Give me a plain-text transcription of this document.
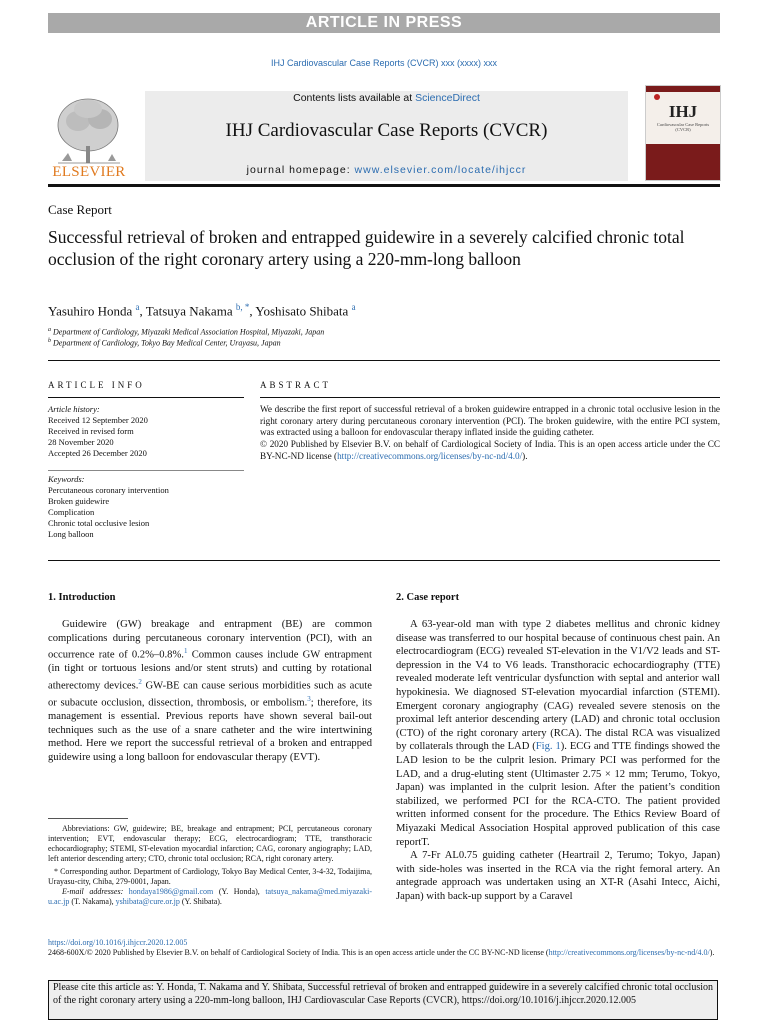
ARTICLE IN PRESS
IHJ Cardiovascular Case Reports (CVCR) xxx (xxxx) xxx
ELSEVIER
Contents lists available at ScienceDirect
IHJ Cardiovascular Case Reports (CVCR)
journal homepage: www.elsevier.com/locate/ihjccr
IHJ
Cardiovascular Case Reports (CVCR)
Case Report
Successful retrieval of broken and entrapped guidewire in a severely calcified chronic total occlusion of the right coronary artery using a 220-mm-long balloon
Yasuhiro Honda $^a$, Tatsuya Nakama $^{b, *}$, Yoshisato Shibata $^a$
$^a$ Department of Cardiology, Miyazaki Medical Association Hospital, Miyazaki, Japan
$^b$ Department of Cardiology, Tokyo Bay Medical Center, Urayasu, Japan
ARTICLE INFO
Article history:
Received 12 September 2020
Received in revised form
28 November 2020
Accepted 26 December 2020
Keywords:
Percutaneous coronary intervention
Broken guidewire
Complication
Chronic total occlusive lesion
Long balloon
ABSTRACT
We describe the first report of successful retrieval of a broken guidewire entrapped in a chronic total occlusive lesion in the right coronary artery during percutaneous coronary intervention (PCI). The broken guidewire, with the entire PCI system, was extracted using a balloon for endovascular therapy inflated inside the guiding catheter.
© 2020 Published by Elsevier B.V. on behalf of Cardiological Society of India. This is an open access article under the CC BY-NC-ND license (http://creativecommons.org/licenses/by-nc-nd/4.0/).
1. Introduction

Guidewire (GW) breakage and entrapment (BE) are common complications during percutaneous coronary intervention (PCI), with an occurrence rate of 0.2%–0.8%.$^1$ Common causes include GW entrapment (in tight or tortuous lesions and/or stent struts) and cutting by rotational atherectomy devices.$^2$ GW-BE can cause serious morbidities such as acute or subacute occlusion, dissection, thrombosis, or embolism.$^3$; therefore, its management is essential. Previous reports have shown several bail-out techniques such as the use of a snare catheter and the wire intertwining method. Here we report the successful retrieval of a broken and entrapped guidewire using a long balloon for endovascular therapy (EVT).

Abbreviations: GW, guidewire; BE, breakage and entrapment; PCI, percutaneous coronary intervention; EVT, endovascular therapy; ECG, electrocardiogram; TTE, transthoracic echocardiography; STEMI, ST-elevation myocardial infarction; CAG, coronary angiography; LAD, left anterior descending artery; CTO, chronic total occlusion; RCA, right coronary artery.
* Corresponding author. Department of Cardiology, Tokyo Bay Medical Center, 3-4-32, Todaijima, Urayasu-city, Chiba, 279-0001, Japan.
E-mail addresses: hondaya1986@gmail.com (Y. Honda), tatsuya_nakama@med.miyazaki-u.ac.jp (T. Nakama), yshibata@cure.or.jp (Y. Shibata).
2. Case report

A 63-year-old man with type 2 diabetes mellitus and chronic kidney disease was transferred to our hospital because of continuous chest pain. An electrocardiogram (ECG) revealed ST-elevation in the V1/V2 leads and ST-depression in the V4 to V6 leads. Transthoracic echocardiography (TTE) revealed moderate left ventricular dysfunction with septal and anterior wall hypokinesia. We diagnosed ST-elevation myocardial infarction (STEMI). Emergent coronary angiography (CAG) revealed severe stenosis on the proximal left anterior descending artery (LAD) and chronic total occlusion (CTO) of the right coronary artery (RCA). The distal RCA was visualized by collaterals through the LAD (Fig. 1). ECG and TTE findings showed the LAD lesion to be the culprit lesion. Primary PCI was performed for the LAD, and a drug-eluting stent (Ultimaster 2.75 × 12 mm; Terumo, Tokyo, Japan) was implanted in the culprit lesion. After the patient’s condition stabilized, we performed PCI for the RCA-CTO. The patient provided written informed consent for the procedure. The Ethics Review Board of Miyazaki Medical Association Hospital approved publication of this case reportT.

A 7-Fr AL0.75 guiding catheter (Heartrail 2, Terumo; Tokyo, Japan) with side-holes was inserted in the RCA via the right femoral artery. An antegrade approach was undertaken using an XT-R (Asahi Intecc, Aichi, Japan) with back-up support by a Caravel

https://doi.org/10.1016/j.ihjccr.2020.12.005
2468-600X/© 2020 Published by Elsevier B.V. on behalf of Cardiological Society of India. This is an open access article under the CC BY-NC-ND license (http://creativecommons.org/licenses/by-nc-nd/4.0/).
Please cite this article as: Y. Honda, T. Nakama and Y. Shibata, Successful retrieval of broken and entrapped guidewire in a severely calcified chronic total occlusion of the right coronary artery using a 220-mm-long balloon, IHJ Cardiovascular Case Reports (CVCR), https://doi.org/10.1016/j.ihjccr.2020.12.005
